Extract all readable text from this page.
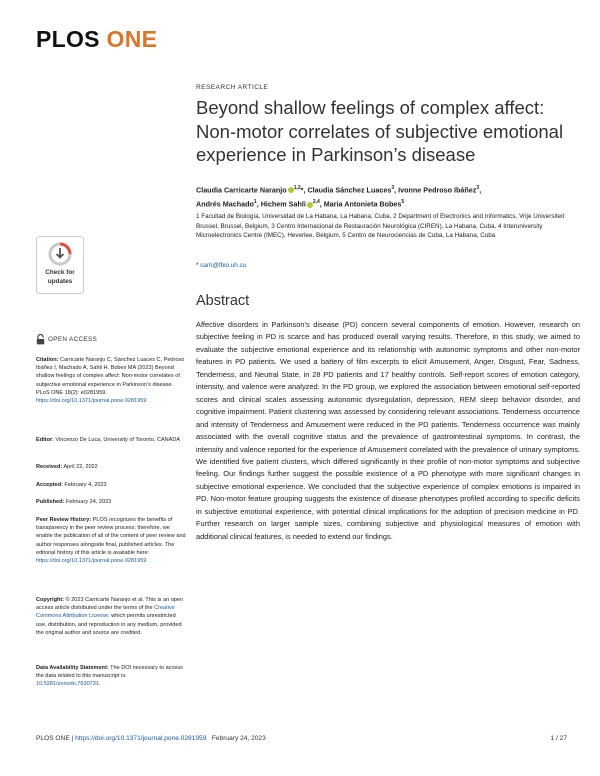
PLOS ONE
RESEARCH ARTICLE
Beyond shallow feelings of complex affect: Non-motor correlates of subjective emotional experience in Parkinson’s disease
Claudia Carricarte Naranjo $^{1,2}$*, Claudia Sánchez Luaces$^3$, Ivonne Pedroso Ibáñez$^3$,
Andrés Machado$^1$, Hichem Sahli $^{2,4}$, Maria Antonieta Bobes$^5$
1 Facultad de Biología, Universidad de La Habana, La Habana, Cuba, 2 Department of Electronics and Informatics, Vrije Universiteit Brussel, Brussel, Belgium, 3 Centro Internacional de Restauración Neurológica (CIREN), La Habana, Cuba, 4 Interuniversity Microelectronics Centre (IMEC), Heverlee, Belgium, 5 Centro de Neurociencias de Cuba, La Habana, Cuba
* carri@fbio.uh.cu
Abstract
Affective disorders in Parkinson’s disease (PD) concern several components of emotion. However, research on subjective feeling in PD is scarce and has produced overall varying results. Therefore, in this study, we aimed to evaluate the subjective emotional experience and its relationship with autonomic symptoms and other non-motor features in PD patients. We used a battery of film excerpts to elicit Amusement, Anger, Disgust, Fear, Sadness, Tenderness, and Neutral State, in 28 PD patients and 17 healthy controls. Self-report scores of emotion category, intensity, and valence were analyzed. In the PD group, we explored the association between emotional self-reported scores and clinical scales assessing autonomic dysregulation, depression, REM sleep behavior disorder, and cognitive impairment. Patient clustering was assessed by considering relevant associations. Tenderness occurrence and intensity of Tenderness and Amusement were reduced in the PD patients. Tenderness occurrence was mainly associated with the overall cognitive status and the prevalence of gastrointestinal symptoms. In contrast, the intensity and valence reported for the experience of Amusement correlated with the prevalence of urinary symptoms. We identified five patient clusters, which differed significantly in their profile of non-motor symptoms and subjective feeling. Our findings further suggest the possible existence of a PD phenotype with more significant changes in subjective emotional experience. We concluded that the subjective experience of complex emotions is impaired in PD. Non-motor feature grouping suggests the existence of disease phenotypes profiled according to specific deficits in subjective emotional experience, with potential clinical implications for the adoption of precision medicine in PD. Further research on larger sample sizes, combining subjective and physiological measures of emotion with additional clinical features, is needed to extend our findings.
Check for
updates
OPEN ACCESS
Citation: Carricarte Naranjo C, Sánchez Luaces C, Pedroso Ibáñez I, Machado A, Sahli H, Bobes MA (2023) Beyond shallow feelings of complex affect: Non-motor correlates of subjective emotional experience in Parkinson’s disease. PLoS ONE 18(2): e0281959. https://doi.org/10.1371/journal.pone.0281959
Editor: Vincenzo De Luca, University of Toronto, CANADA
Received: April 22, 2022
Accepted: February 4, 2023
Published: February 24, 2023
Peer Review History: PLOS recognizes the benefits of transparency in the peer review process; therefore, we enable the publication of all of the content of peer review and author responses alongside final, published articles. The editorial history of this article is available here: https://doi.org/10.1371/journal.pone.0281959
Copyright: © 2023 Carricarte Naranjo et al. This is an open access article distributed under the terms of the Creative Commons Attribution License, which permits unrestricted use, distribution, and reproduction in any medium, provided the original author and source are credited.
Data Availability Statement: The DOI necessary to access the data related to this manuscript is: 10.5281/zenodo.7630731.
PLOS ONE | https://doi.org/10.1371/journal.pone.0281959 February 24, 2023	1 / 27
